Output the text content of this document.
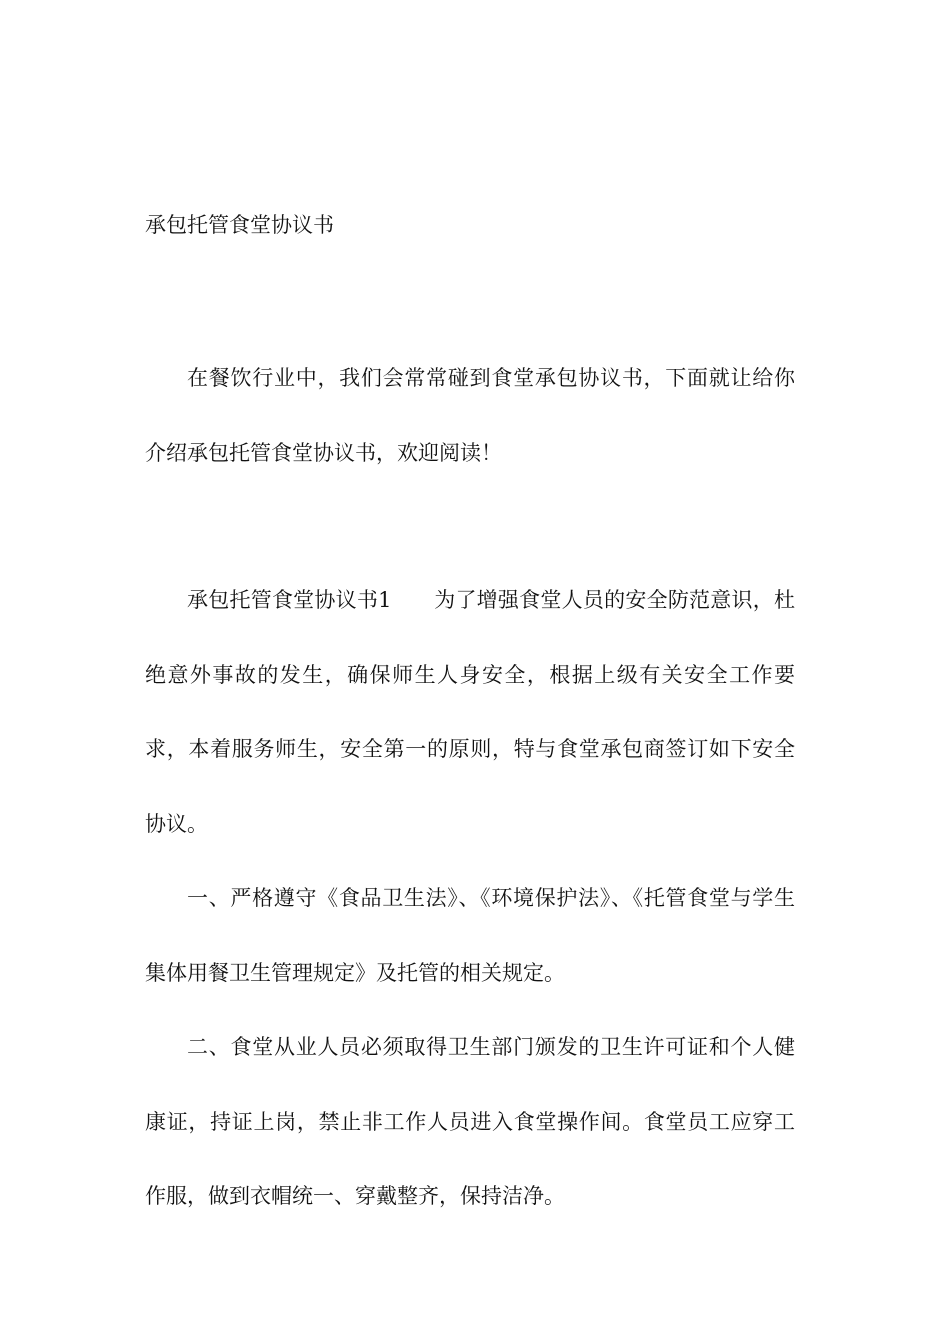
承包托管食堂协议书

在餐饮行业中，我们会常常碰到食堂承包协议书，下面就让给你介绍承包托管食堂协议书，欢迎阅读！

承包托管食堂协议书1　　为了增强食堂人员的安全防范意识，杜绝意外事故的发生，确保师生人身安全，根据上级有关安全工作要求，本着服务师生，安全第一的原则，特与食堂承包商签订如下安全协议。

一、严格遵守《食品卫生法》、《环境保护法》、《托管食堂与学生集体用餐卫生管理规定》及托管的相关规定。

二、食堂从业人员必须取得卫生部门颁发的卫生许可证和个人健康证，持证上岗，禁止非工作人员进入食堂操作间。食堂员工应穿工作服，做到衣帽统一、穿戴整齐，保持洁净。
